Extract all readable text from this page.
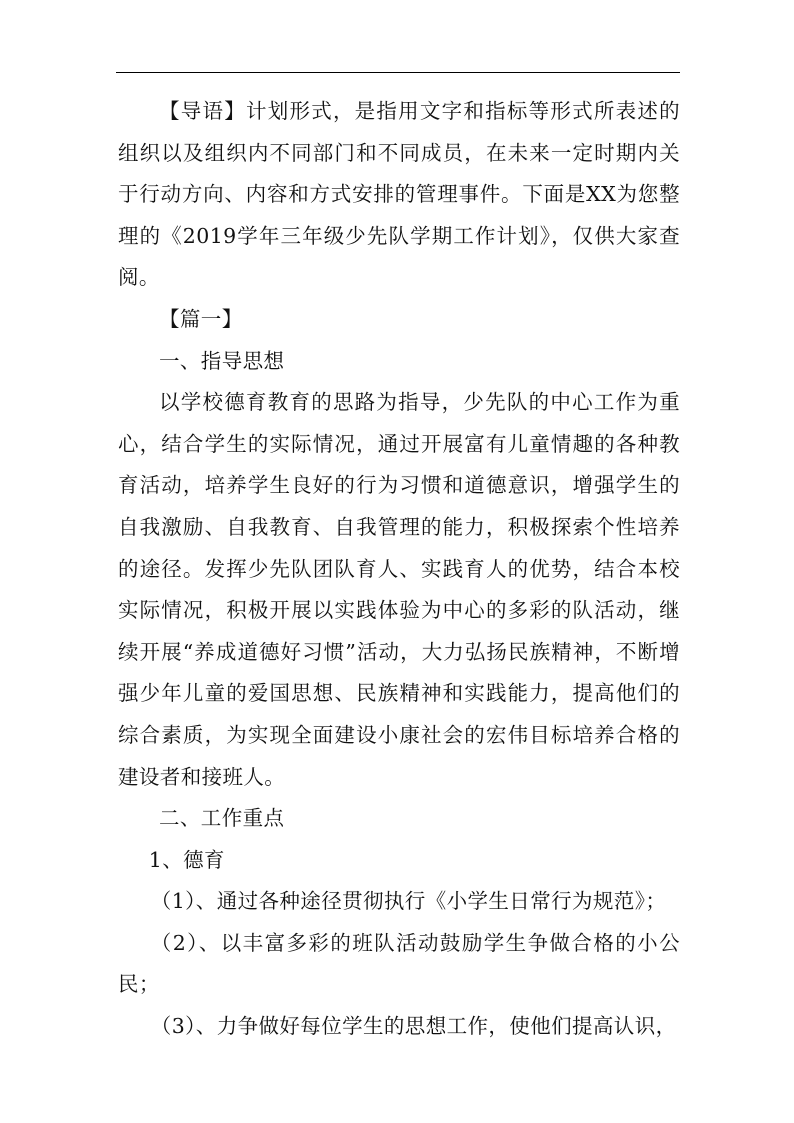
【导语】计划形式，是指用文字和指标等形式所表述的组织以及组织内不同部门和不同成员，在未来一定时期内关于行动方向、内容和方式安排的管理事件。下面是XX为您整理的《2019学年三年级少先队学期工作计划》，仅供大家查阅。

【篇一】

一、指导思想

以学校德育教育的思路为指导，少先队的中心工作为重心，结合学生的实际情况，通过开展富有儿童情趣的各种教育活动，培养学生良好的行为习惯和道德意识，增强学生的自我激励、自我教育、自我管理的能力，积极探索个性培养的途径。发挥少先队团队育人、实践育人的优势，结合本校实际情况，积极开展以实践体验为中心的多彩的队活动，继续开展“养成道德好习惯”活动，大力弘扬民族精神，不断增强少年儿童的爱国思想、民族精神和实践能力，提高他们的综合素质，为实现全面建设小康社会的宏伟目标培养合格的建设者和接班人。

二、工作重点

1、德育

（1）、通过各种途径贯彻执行《小学生日常行为规范》；

（2）、以丰富多彩的班队活动鼓励学生争做合格的小公民；

（3）、力争做好每位学生的思想工作，使他们提高认识，
